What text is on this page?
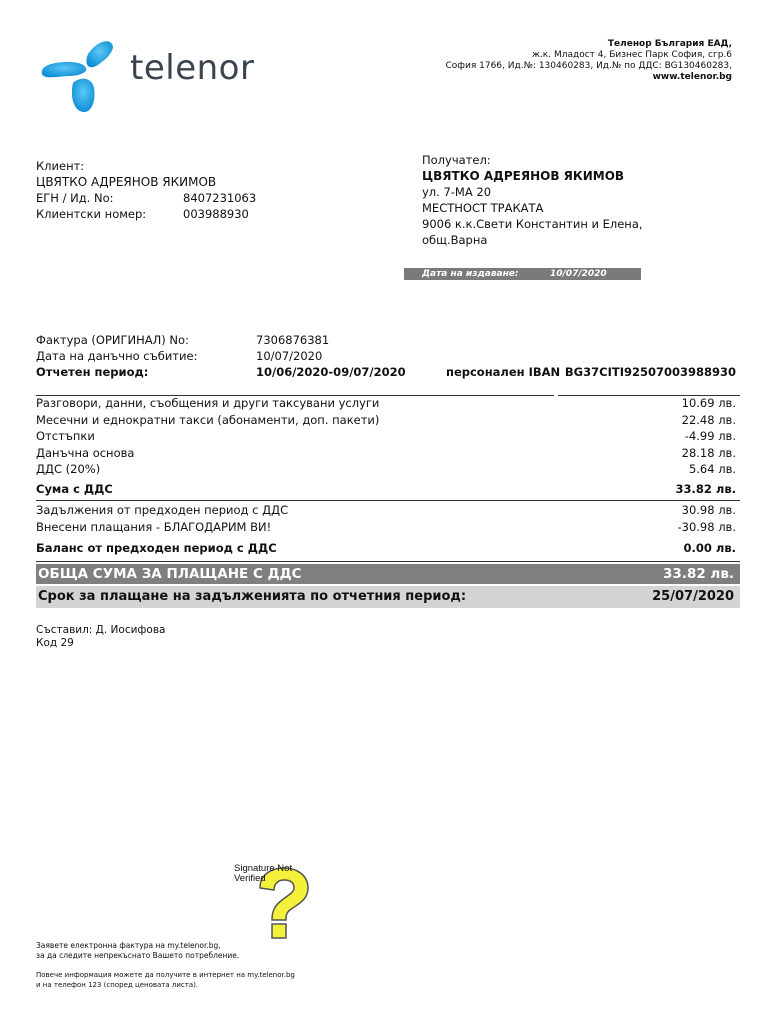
telenor
Теленор България ЕАД,
ж.к. Младост 4, Бизнес Парк София, сгр.6
София 1766, Ид.№: 130460283, Ид.№ по ДДС: BG130460283,
www.telenor.bg
Клиент:
ЦВЯТКО АДРЕЯНОВ ЯКИМОВ
ЕГН / Ид. No:	8407231063
Клиентски номер:	003988930
Получател:
ЦВЯТКО АДРЕЯНОВ ЯКИМОВ
ул. 7-МА 20
МЕСТНОСТ ТРАКАТА
9006 к.к.Свети Константин и Елена,
общ.Варна
Дата на издаване:	10/07/2020
Фактура (ОРИГИНАЛ) No:	7306876381
Дата на данъчно събитие:	10/07/2020
Отчетен период:	10/06/2020-09/07/2020	персонален IBAN BG37CITI92507003988930
Разговори, данни, съобщения и други таксувани услуги	10.69 лв.
Месечни и еднократни такси (абонаменти, доп. пакети)	22.48 лв.
Отстъпки	-4.99 лв.
Данъчна основа	28.18 лв.
ДДС (20%)	5.64 лв.
Сума с ДДС	33.82 лв.
Задължения от предходен период с ДДС	30.98 лв.
Внесени плащания - БЛАГОДАРИМ ВИ!	-30.98 лв.
Баланс от предходен период с ДДС	0.00 лв.
ОБЩА СУМА ЗА ПЛАЩАНЕ С ДДС	33.82 лв.
Срок за плащане на задълженията по отчетния период:	25/07/2020
Съставил: Д. Иосифова
Код 29
Signature Not
Verified
Заявете електронна фактура на my.telenor.bg,
за да следите непрекъснато Вашето потребление.
Повече информация можете да получите в интернет на my.telenor.bg
и на телефон 123 (според ценовата листа).
